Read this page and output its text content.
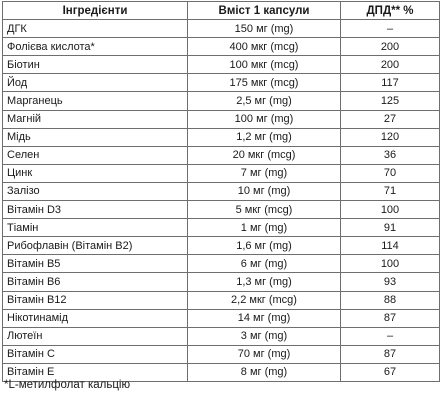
Інгредієнти	Вміст 1 капсули	ДПД** %
ДГК	150 мг (mg)	–
Фолієва кислота*	400 мкг (mcg)	200
Біотин	100 мкг (mcg)	200
Йод	175 мкг (mcg)	117
Марганець	2,5 мг (mg)	125
Магній	100 мг (mg)	27
Мідь	1,2 мг (mg)	120
Селен	20 мкг (mcg)	36
Цинк	7 мг (mg)	70
Залізо	10 мг (mg)	71
Вітамін D3	5 мкг (mcg)	100
Тіамін	1 мг (mg)	91
Рибофлавін (Вітамін В2)	1,6 мг (mg)	114
Вітамін В5	6 мг (mg)	100
Вітамін В6	1,3 мг (mg)	93
Вітамін В12	2,2 мкг (mcg)	88
Нікотинамід	14 мг (mg)	87
Лютеїн	3 мг (mg)	–
Вітамін С	70 мг (mg)	87
Вітамін Е	8 мг (mg)	67
*L-метилфолат кальцію
